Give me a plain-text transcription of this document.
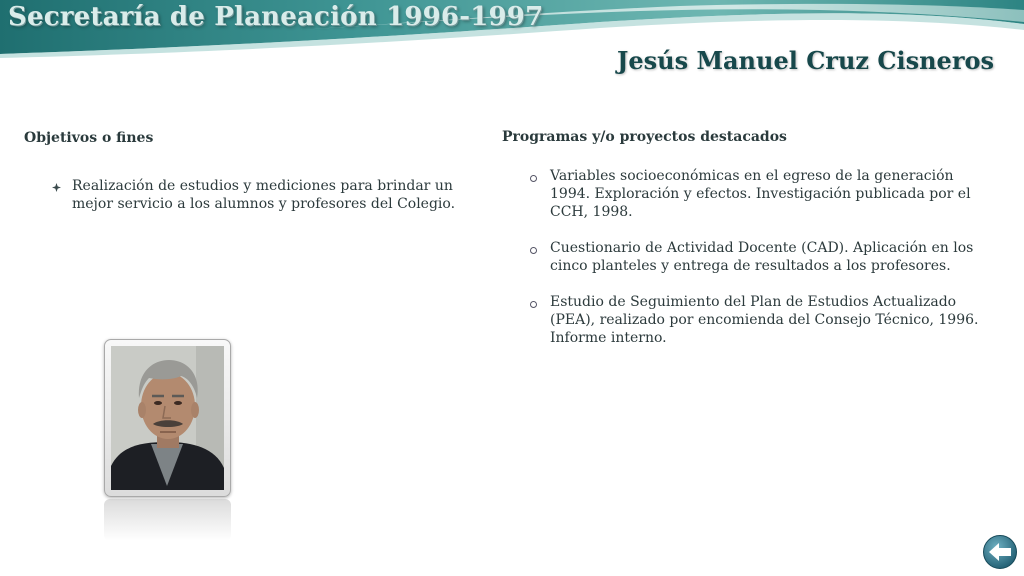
Secretaría de Planeación 1996-1997
Jesús Manuel Cruz Cisneros
Objetivos o fines
Realización de estudios y mediciones para brindar un mejor servicio a los alumnos y profesores del Colegio.
Programas y/o proyectos destacados
Variables socioeconómicas en el egreso de la generación 1994. Exploración y efectos. Investigación publicada por el CCH, 1998.
Cuestionario de Actividad Docente (CAD). Aplicación en los cinco planteles y entrega de resultados a los profesores.
Estudio de Seguimiento del Plan de Estudios Actualizado (PEA), realizado por encomienda del Consejo Técnico, 1996. Informe interno.
